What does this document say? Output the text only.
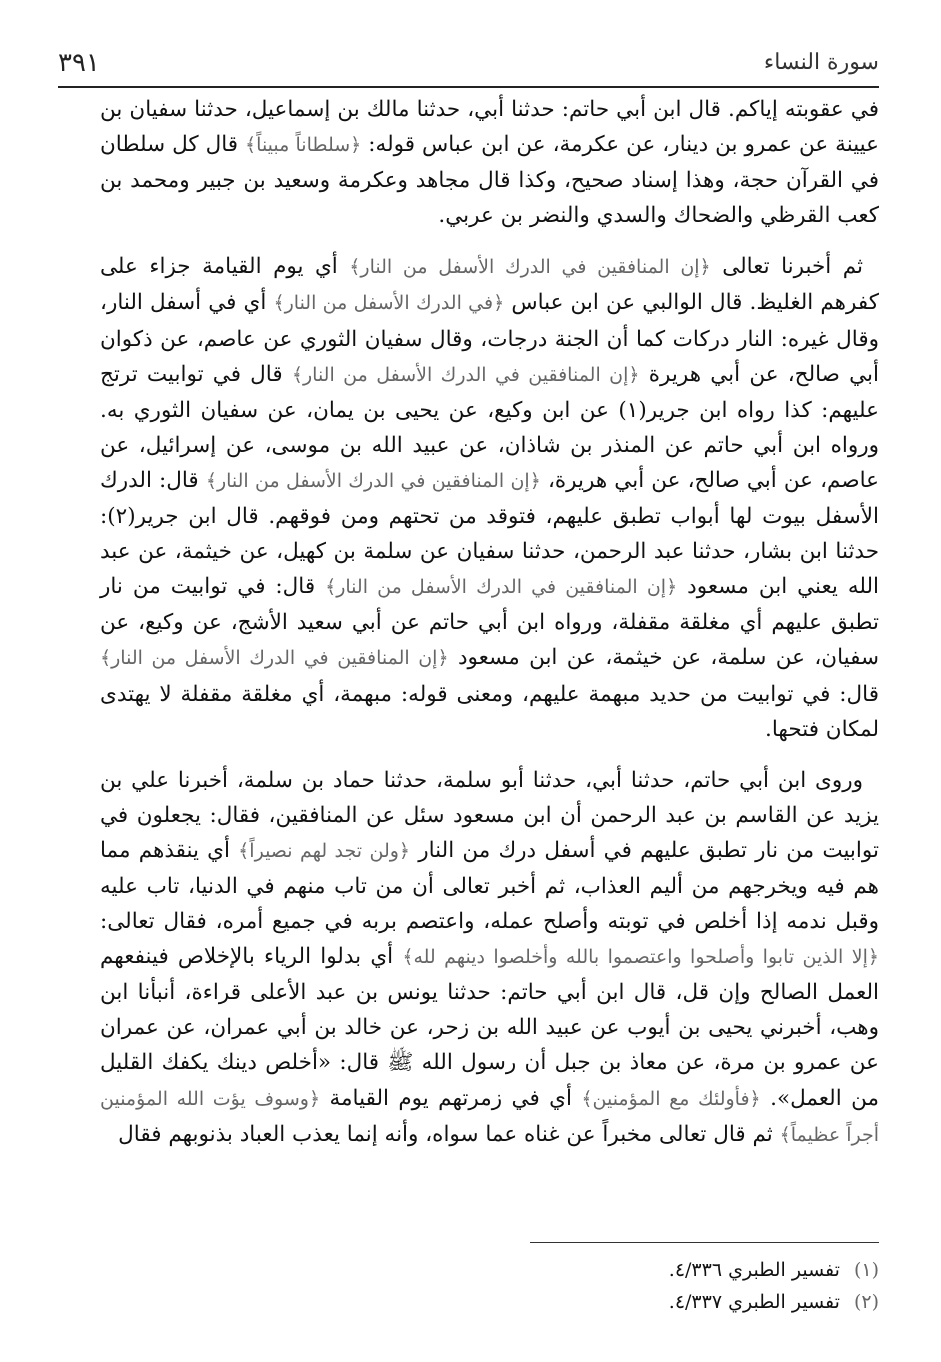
سورة النساء
٣٩١

في عقوبته إياكم. قال ابن أبي حاتم: حدثنا أبي، حدثنا مالك بن إسماعيل، حدثنا سفيان بن عيينة عن عمرو بن دينار، عن عكرمة، عن ابن عباس قوله: ﴿سلطاناً مبيناً﴾ قال كل سلطان في القرآن حجة، وهذا إسناد صحيح، وكذا قال مجاهد وعكرمة وسعيد بن جبير ومحمد بن كعب القرظي والضحاك والسدي والنضر بن عربي.

ثم أخبرنا تعالى ﴿إن المنافقين في الدرك الأسفل من النار﴾ أي يوم القيامة جزاء على كفرهم الغليظ. قال الوالبي عن ابن عباس ﴿في الدرك الأسفل من النار﴾ أي في أسفل النار، وقال غيره: النار دركات كما أن الجنة درجات، وقال سفيان الثوري عن عاصم، عن ذكوان أبي صالح، عن أبي هريرة ﴿إن المنافقين في الدرك الأسفل من النار﴾ قال في توابيت ترتج عليهم: كذا رواه ابن جرير(١) عن ابن وكيع، عن يحيى بن يمان، عن سفيان الثوري به. ورواه ابن أبي حاتم عن المنذر بن شاذان، عن عبيد الله بن موسى، عن إسرائيل، عن عاصم، عن أبي صالح، عن أبي هريرة، ﴿إن المنافقين في الدرك الأسفل من النار﴾ قال: الدرك الأسفل بيوت لها أبواب تطبق عليهم، فتوقد من تحتهم ومن فوقهم. قال ابن جرير(٢): حدثنا ابن بشار، حدثنا عبد الرحمن، حدثنا سفيان عن سلمة بن كهيل، عن خيثمة، عن عبد الله يعني ابن مسعود ﴿إن المنافقين في الدرك الأسفل من النار﴾ قال: في توابيت من نار تطبق عليهم أي مغلقة مقفلة، ورواه ابن أبي حاتم عن أبي سعيد الأشج، عن وكيع، عن سفيان، عن سلمة، عن خيثمة، عن ابن مسعود ﴿إن المنافقين في الدرك الأسفل من النار﴾ قال: في توابيت من حديد مبهمة عليهم، ومعنى قوله: مبهمة، أي مغلقة مقفلة لا يهتدى لمكان فتحها.

وروى ابن أبي حاتم، حدثنا أبي، حدثنا أبو سلمة، حدثنا حماد بن سلمة، أخبرنا علي بن يزيد عن القاسم بن عبد الرحمن أن ابن مسعود سئل عن المنافقين، فقال: يجعلون في توابيت من نار تطبق عليهم في أسفل درك من النار ﴿ولن تجد لهم نصيراً﴾ أي ينقذهم مما هم فيه ويخرجهم من أليم العذاب، ثم أخبر تعالى أن من تاب منهم في الدنيا، تاب عليه وقبل ندمه إذا أخلص في توبته وأصلح عمله، واعتصم بربه في جميع أمره، فقال تعالى: ﴿إلا الذين تابوا وأصلحوا واعتصموا بالله وأخلصوا دينهم لله﴾ أي بدلوا الرياء بالإخلاص فينفعهم العمل الصالح وإن قل، قال ابن أبي حاتم: حدثنا يونس بن عبد الأعلى قراءة، أنبأنا ابن وهب، أخبرني يحيى بن أيوب عن عبيد الله بن زحر، عن خالد بن أبي عمران، عن عمران عن عمرو بن مرة، عن معاذ بن جبل أن رسول الله ﷺ قال: «أخلص دينك يكفك القليل من العمل». ﴿فأولئك مع المؤمنين﴾ أي في زمرتهم يوم القيامة ﴿وسوف يؤت الله المؤمنين أجراً عظيماً﴾ ثم قال تعالى مخبراً عن غناه عما سواه، وأنه إنما يعذب العباد بذنوبهم فقال

(١)تفسير الطبري ٤/٣٣٦.
(٢)تفسير الطبري ٤/٣٣٧.
